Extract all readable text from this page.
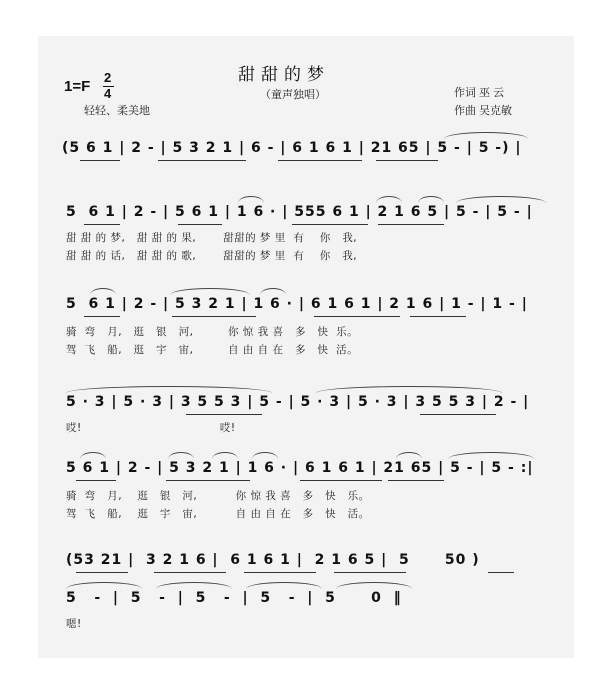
甜甜的梦
（童声独唱）
1=F
2
4
轻轻、柔美地
作词 巫 云
作曲 吴克敏
(5 6 1 | 2 - | 5 3 2 1 | 6 - | 6 1 6 1 | 21 65 | 5 - | 5 -) |
5  6 1 | 2 - | 5 6 1 | 1 6 · | 555 6 1 | 2 1 6 5 | 5 - | 5 - |
甜 甜 的 梦,   甜 甜 的 果,       甜甜的 梦 里  有    你   我,
甜 甜 的 话,   甜 甜 的 歌,       甜甜的 梦 里  有    你   我,
5  6 1 | 2 - | 5 3 2 1 | 1 6 · | 6 1 6 1 | 2 1 6 | 1 - | 1 - |
骑  弯   月,   逛   银   河,         你 惊 我 喜   多   快  乐。
驾  飞   船,   逛   宇   宙,         自 由 自 在   多   快  活。
5 · 3 | 5 · 3 | 3 5 5 3 | 5 - | 5 · 3 | 5 · 3 | 3 5 5 3 | 2 - |
哎!                                    哎!
5 6 1 | 2 - | 5 3 2 1 | 1 6 · | 6 1 6 1 | 21 65 | 5 - | 5 - :|
骑  弯   月,    逛   银   河,          你 惊 我 喜   多   快   乐。
驾  飞   船,    逛   宇   宙,          自 由 自 在   多   快   活。
(53 21 |  3 2 1 6 |  6 1 6 1 |  2 1 6 5 |  5      50 )
5   -  |  5   -  |  5   -  |  5   -  |  5      0  ‖
嗯!
